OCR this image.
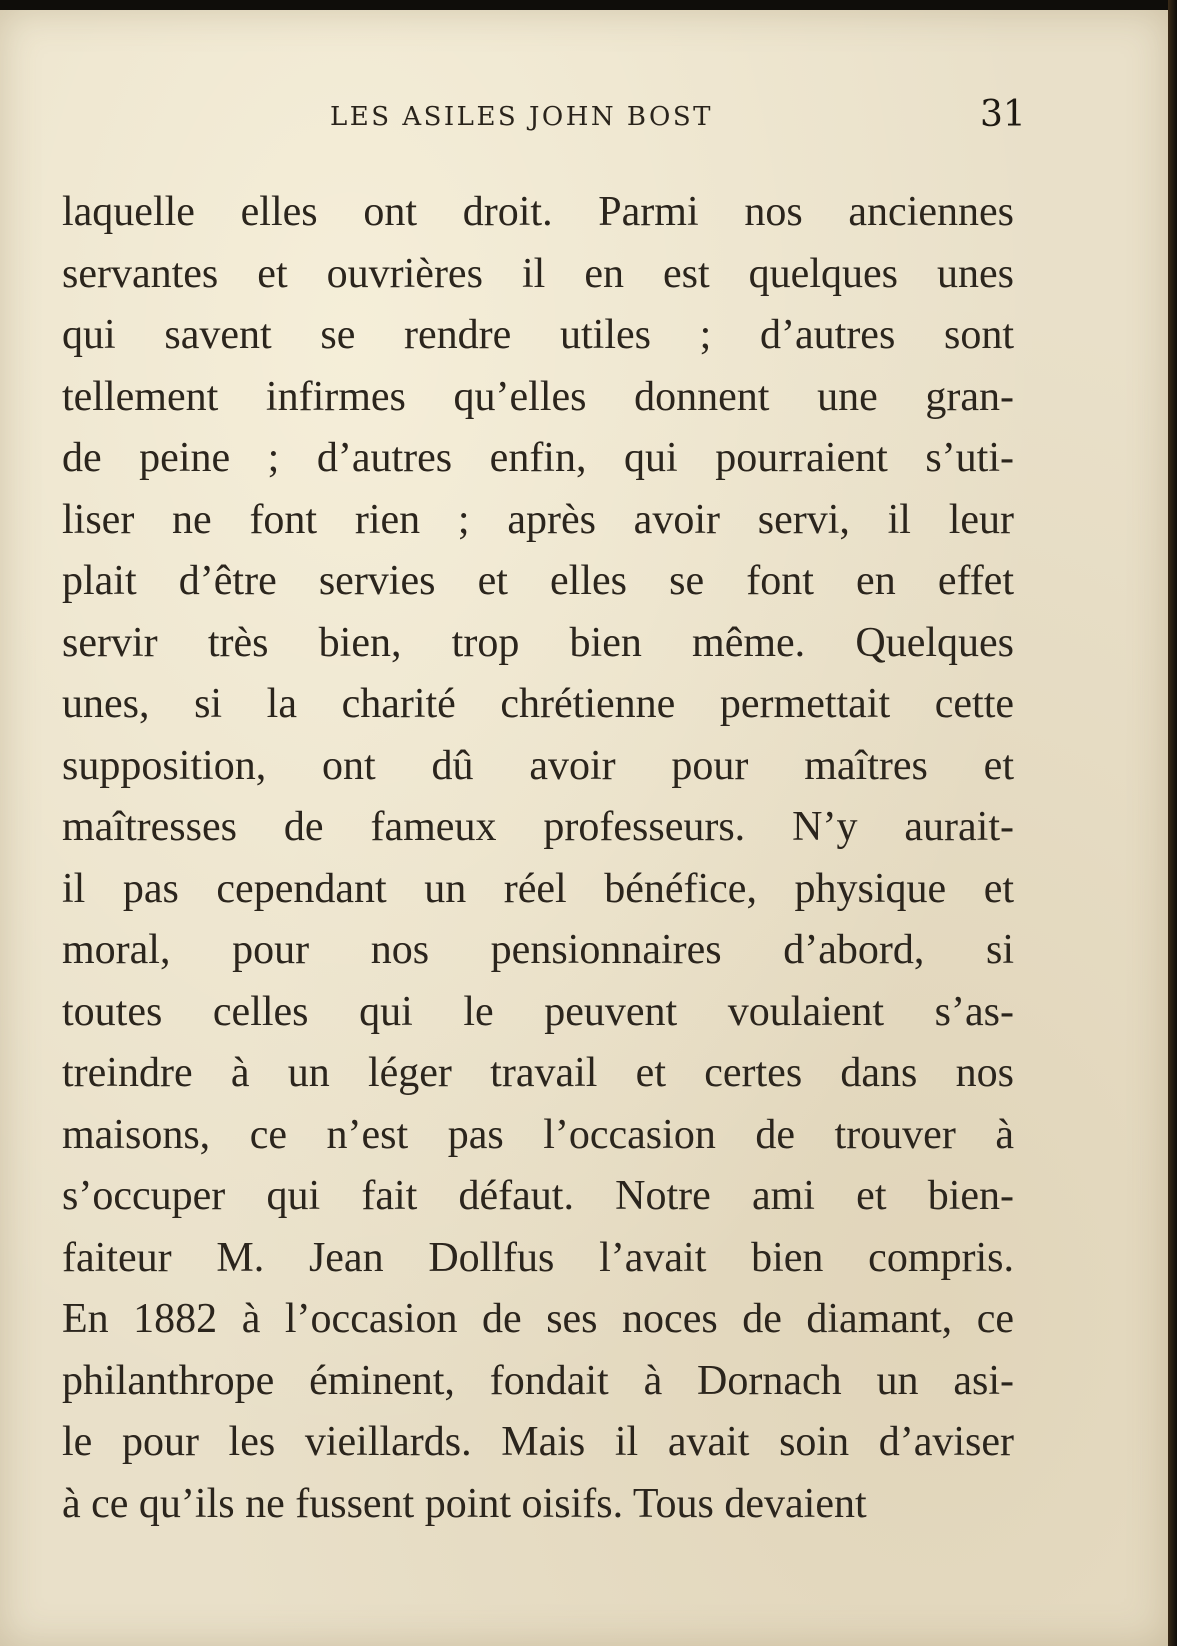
LES ASILES JOHN BOST	31
laquelle elles ont droit. Parmi nos anciennes
servantes et ouvrières il en est quelques unes
qui savent se rendre utiles ; d’autres sont
tellement infirmes qu’elles donnent une gran-
de peine ; d’autres enfin, qui pourraient s’uti-
liser ne font rien ; après avoir servi, il leur
plait d’être servies et elles se font en effet
servir très bien, trop bien même. Quelques
unes, si la charité chrétienne permettait cette
supposition, ont dû avoir pour maîtres et
maîtresses de fameux professeurs. N’y aurait-
il pas cependant un réel bénéfice, physique et
moral, pour nos pensionnaires d’abord, si
toutes celles qui le peuvent voulaient s’as-
treindre à un léger travail et certes dans nos
maisons, ce n’est pas l’occasion de trouver à
s’occuper qui fait défaut. Notre ami et bien-
faiteur M. Jean Dollfus l’avait bien compris.
En 1882 à l’occasion de ses noces de diamant, ce
philanthrope éminent, fondait à Dornach un asi-
le pour les vieillards. Mais il avait soin d’aviser
à ce qu’ils ne fussent point oisifs. Tous devaient
